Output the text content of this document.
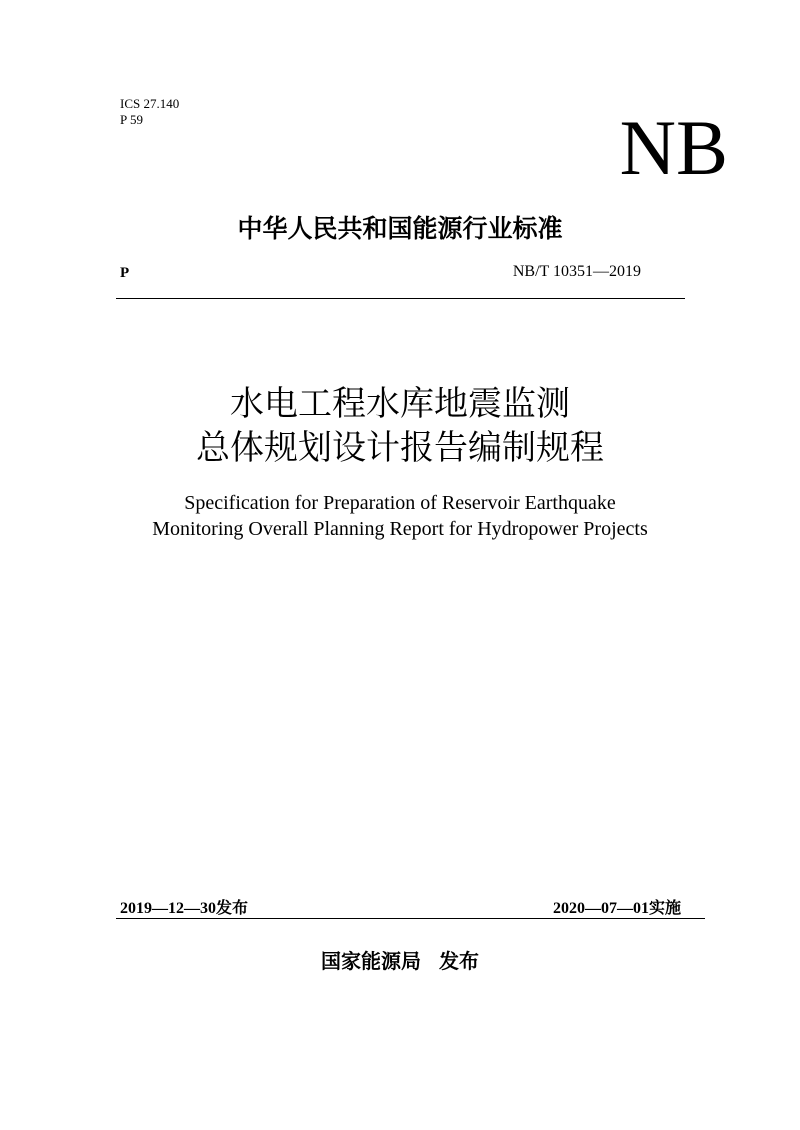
ICS 27.140
P 59	NB
中华人民共和国能源行业标准
P	NB/T 10351—2019
水电工程水库地震监测
总体规划设计报告编制规程
Specification for Preparation of Reservoir Earthquake
Monitoring Overall Planning Report for Hydropower Projects
2019—12—30发布	2020—07—01实施
国家能源局 发布
